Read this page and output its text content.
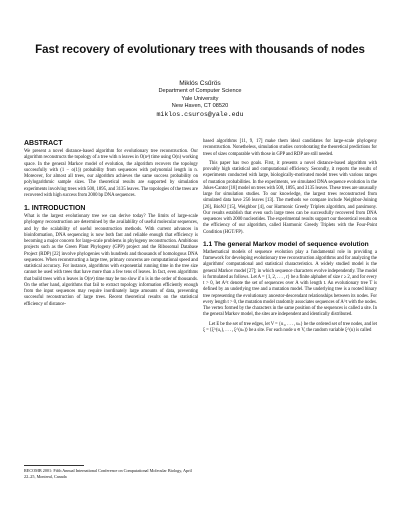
Fast recovery of evolutionary trees with thousands of nodes
Miklós Csűrös
Department of Computer Science
Yale University
New Haven, CT 08520
miklos.csuros@yale.edu
ABSTRACT

We present a novel distance-based algorithm for evolutionary tree reconstruction. Our algorithm reconstructs the topology of a tree with n leaves in O(n²) time using O(n) working space. In the general Markov model of evolution, the algorithm recovers the topology successfully with (1 − o(1)) probability from sequences with polynomial length in n. Moreover, for almost all trees, our algorithm achieves the same success probability on polylogarithmic sample sizes. The theoretical results are supported by simulation experiments involving trees with 500, 1895, and 3135 leaves. The topologies of the trees are recovered with high success from 2000 bp DNA sequences.

1. INTRODUCTION

What is the largest evolutionary tree we can derive today? The limits of large-scale phylogeny reconstruction are determined by the availability of useful molecular sequences, and by the scalability of useful reconstruction methods. With current advances in bioinformation, DNA sequencing is now both fast and reliable enough that efficiency is becoming a major concern for large-scale problems in phylogeny reconstruction. Ambitious projects such as the Green Plant Phylogeny (GPP) project and the Ribosomal Database Project (RDP) [22] involve phylogenies with hundreds and thousands of homologous DNA sequences. When reconstructing a large tree, primary concerns are computational speed and statistical accuracy. For instance, algorithms with exponential running time in the tree size cannot be used with trees that have more than a few tens of leaves. In fact, even algorithms that build trees with n leaves in O(n³) time may be too slow if n is in the order of thousands. On the other hand, algorithms that fail to extract topology information efficiently enough from the input sequences may require inordinately large amounts of data, preventing successful reconstruction of large trees. Recent theoretical results on the statistical efficiency of distance-

based algorithms [11, 9, 17] make them ideal candidates for large-scale phylogeny reconstruction. Nonetheless, simulation studies corroborating the theoretical predictions for trees of sizes comparable with those in GPP and RDP are still needed.

This paper has two goals. First, it presents a novel distance-based algorithm with provably high statistical and computational efficiency. Secondly, it reports the results of experiments conducted with large, biologically-motivated model trees with various ranges of mutation probabilities. In the experiments, we simulated DNA sequence evolution in the Jukes-Cantor [18] model on trees with 500, 1895, and 3135 leaves. These trees are unusually large for simulation studies. To our knowledge, the largest trees reconstructed from simulated data have 256 leaves [13]. The methods we compare include Neighbor-Joining [26], BioNJ [15], Weighbor [4], our Harmonic Greedy Triplets algorithm, and parsimony. Our results establish that even such large trees can be successfully recovered from DNA sequences with 2000 nucleotides. The experimental results support our theoretical results on the efficiency of our algorithm, called Harmonic Greedy Triplets with the Four-Point Condition (HGT/FP).

1.1 The general Markov model of sequence evolution

Mathematical models of sequence evolution play a fundamental role in providing a framework for developing evolutionary tree reconstruction algorithms and for analyzing the algorithms' computational and statistical characteristics. A widely studied model is the general Markov model [27]; in which sequence characters evolve independently. The model is formulated as follows. Let A = {1, 2, . . . , r} be a finite alphabet of size r ≥ 2, and for every t > 0, let A^t denote the set of sequences over A with length t. An evolutionary tree T is defined by an underlying tree and a mutation model. The underlying tree is a rooted binary tree representing the evolutionary ancestor-descendant relationships between its nodes. For every length t > 0, the mutation model randomly associates sequences of A^t with the nodes. The vertex formed by the characters in the same position of the sequences is called a site. In the general Markov model, the sites are independent and identically distributed.

Let E be the set of tree edges, let V = {u₁, . . . , uₙ} be the ordered set of tree nodes, and let ξ = ⟨ξ^(u₁), . . . , ξ^(uₙ)⟩ be a site. For each node u ∈ V, the random variable ξ^(u) is called

RECOMB 2001: Fifth Annual International Conference on Computational Molecular Biology, April 22–25, Montreal, Canada
